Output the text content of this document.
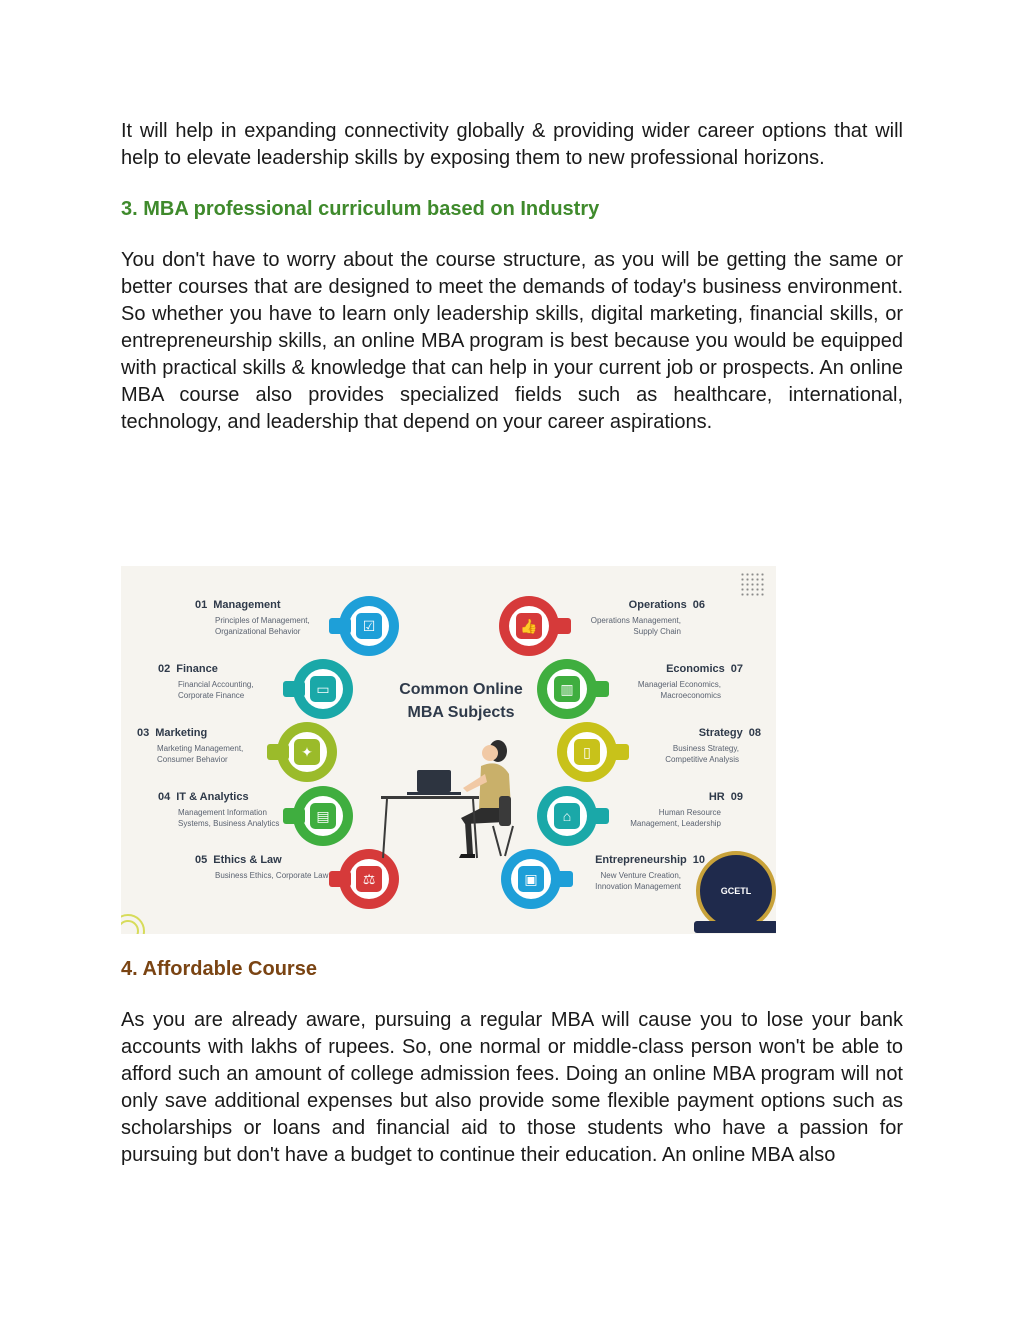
It will help in expanding connectivity globally & providing wider career options that will help to elevate leadership skills by exposing them to new professional horizons.

3. MBA professional curriculum based on Industry

You don't have to worry about the course structure, as you will be getting the same or better courses that are designed to meet the demands of today's business environment. So whether you have to learn only leadership skills, digital marketing, financial skills, or entrepreneurship skills, an online MBA program is best because you would be equipped with practical skills & knowledge that can help in your current job or prospects. An online MBA course also provides specialized fields such as healthcare, international, technology, and leadership that depend on your career aspirations.

Common Online
MBA Subjects
01 Management
Principles of Management, Organizational Behavior
02 Finance
Financial Accounting, Corporate Finance
03 Marketing
Marketing Management, Consumer Behavior
04 IT & Analytics
Management Information Systems, Business Analytics
05 Ethics & Law
Business Ethics, Corporate Law
Operations 06
Operations Management, Supply Chain
Economics 07
Managerial Economics, Macroeconomics
Strategy 08
Business Strategy, Competitive Analysis
HR 09
Human Resource Management, Leadership
Entrepreneurship 10
New Venture Creation, Innovation Management
☑
▭
✦
▤
⚖
👍
▥
▯
⌂
▣
GCETL
4. Affordable Course

As you are already aware, pursuing a regular MBA will cause you to lose your bank accounts with lakhs of rupees. So, one normal or middle-class person won't be able to afford such an amount of college admission fees. Doing an online MBA program will not only save additional expenses but also provide some flexible payment options such as scholarships or loans and financial aid to those students who have a passion for pursuing but don't have a budget to continue their education. An online MBA also
